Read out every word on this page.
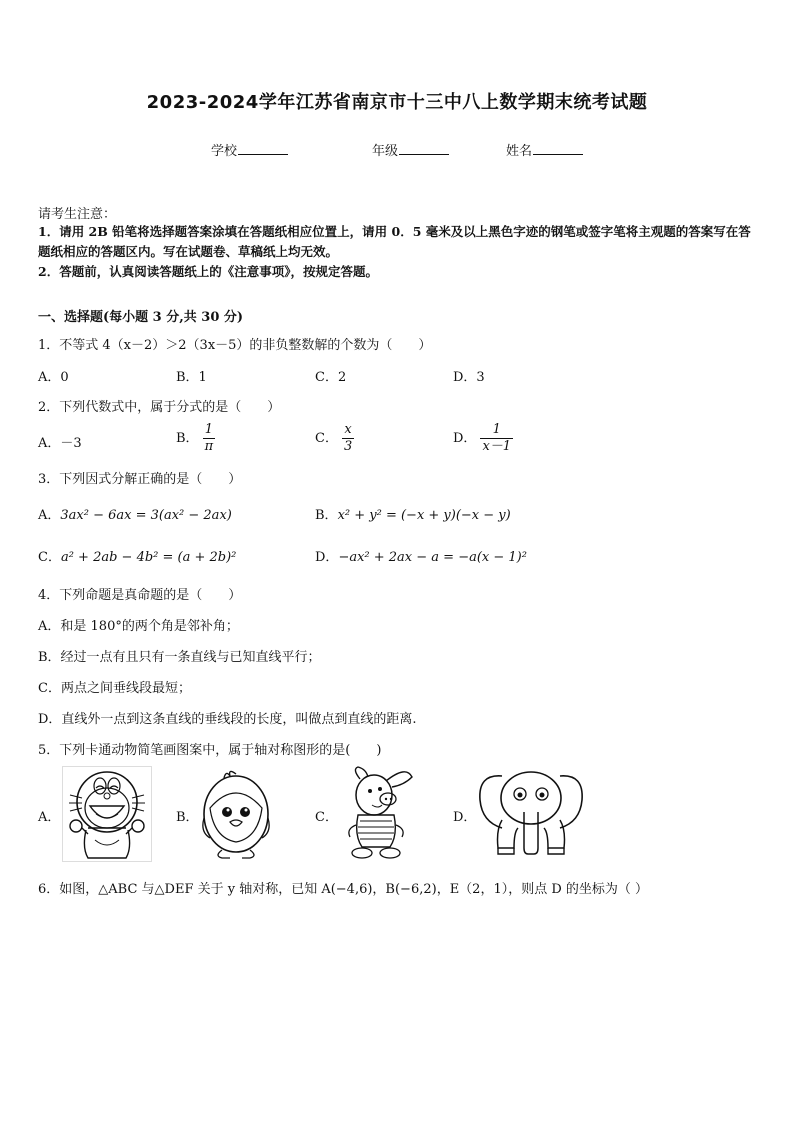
2023-2024学年江苏省南京市十三中八上数学期末统考试题
学校	年级	姓名
请考生注意：
1．请用 2B 铅笔将选择题答案涂填在答题纸相应位置上，请用 0．5 毫米及以上黑色字迹的钢笔或签字笔将主观题的答案写在答题纸相应的答题区内。写在试题卷、草稿纸上均无效。
2．答题前，认真阅读答题纸上的《注意事项》，按规定答题。
一、选择题(每小题 3 分,共 30 分)
1．不等式 4（x－2）＞2（3x－5）的非负整数解的个数为（　　）
A．0	B．1	C．2	D．3
2．下列代数式中，属于分式的是（　　）
A．－3	B． $\frac{1}{\pi}$	C． $\frac{x}{3}$	D． $\frac{1}{x-1}$
3．下列因式分解正确的是（　　）
A．3ax² − 6ax = 3(ax² − 2ax)	B．x² + y² = (−x + y)(−x − y)
C．a² + 2ab − 4b² = (a + 2b)²	D．−ax² + 2ax − a = −a(x − 1)²
4．下列命题是真命题的是（　　）
A．和是 180°的两个角是邻补角；
B．经过一点有且只有一条直线与已知直线平行；
C．两点之间垂线段最短；
D．直线外一点到这条直线的垂线段的长度，叫做点到直线的距离.
5．下列卡通动物简笔画图案中，属于轴对称图形的是(　　)
A．	B．	C．	D．
6．如图，△ABC 与△DEF 关于 y 轴对称，已知 A(−4,6)，B(−6,2)，E（2，1），则点 D 的坐标为（ ）
